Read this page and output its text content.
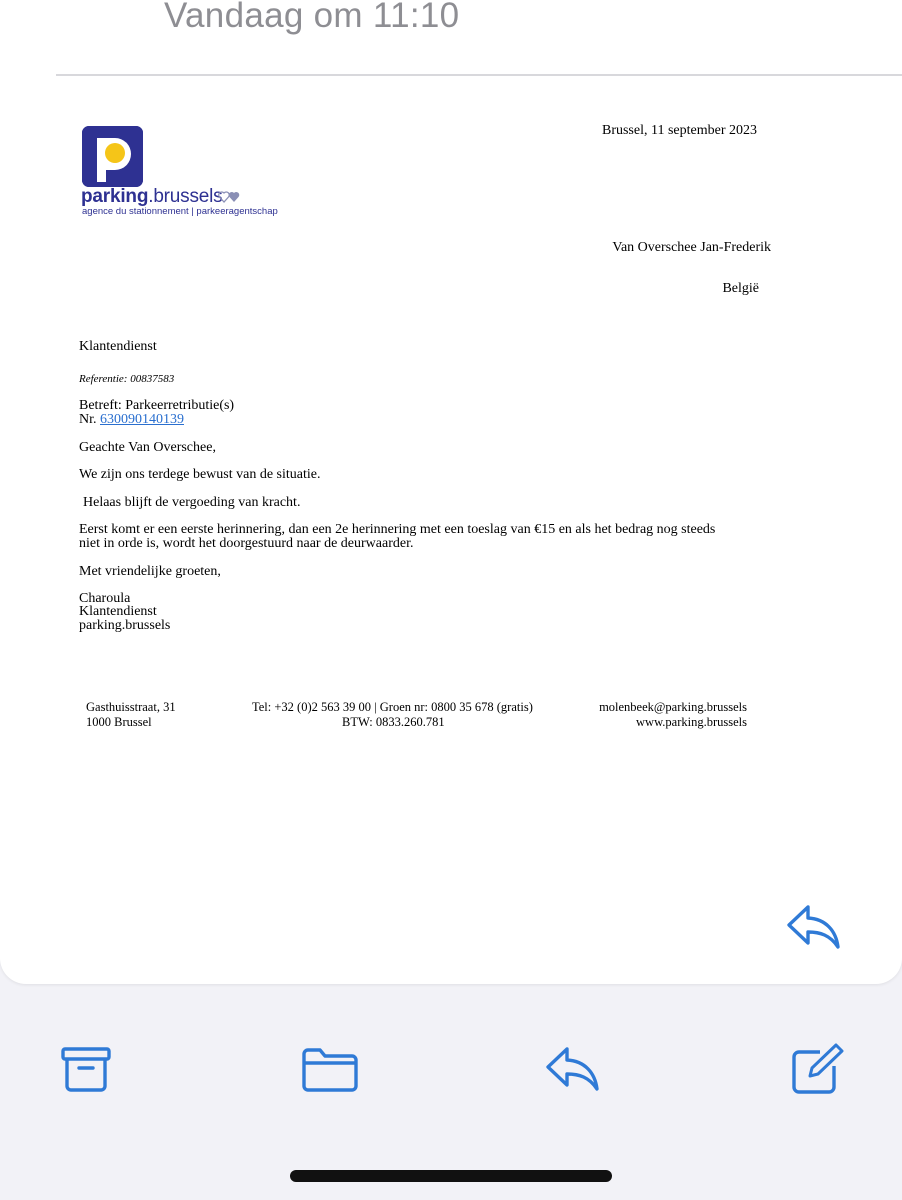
Vandaag om 11:10
parking.brussels
agence du stationnement | parkeeragentschap
Brussel, 11 september 2023
Van Overschee Jan-Frederik
België
Klantendienst
Referentie: 00837583
Betreft: Parkeerretributie(s)
Nr. 630090140139
Geachte Van Overschee,
We zijn ons terdege bewust van de situatie.
Helaas blijft de vergoeding van kracht.
Eerst komt er een eerste herinnering, dan een 2e herinnering met een toeslag van €15 en als het bedrag nog steeds
niet in orde is, wordt het doorgestuurd naar de deurwaarder.
Met vriendelijke groeten,
Charoula
Klantendienst
parking.brussels
Gasthuisstraat, 31
1000 Brussel
Tel: +32 (0)2 563 39 00 | Groen nr: 0800 35 678 (gratis)
BTW: 0833.260.781
molenbeek@parking.brussels
www.parking.brussels
